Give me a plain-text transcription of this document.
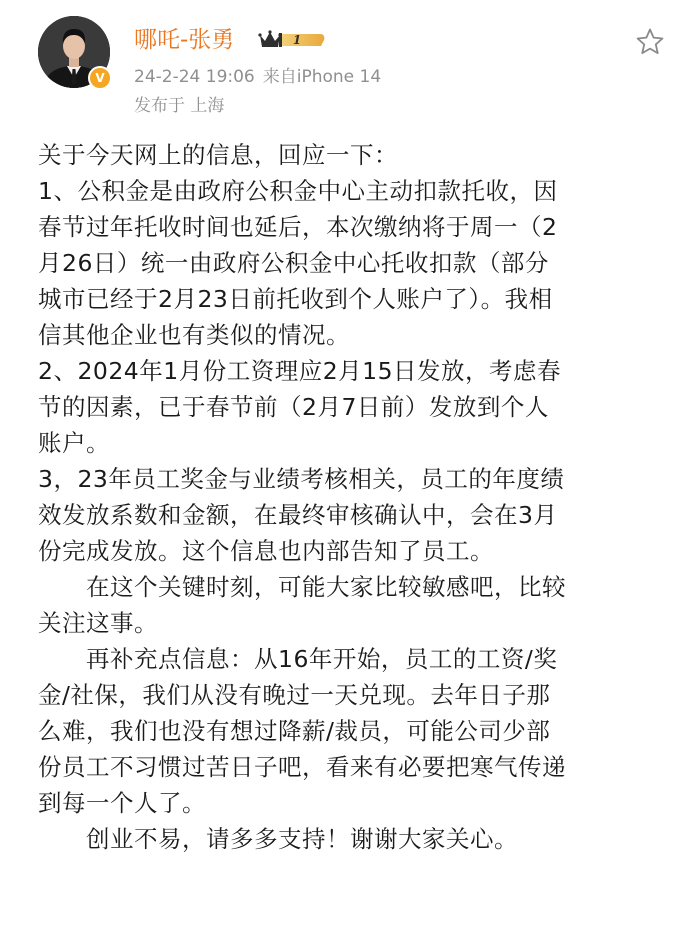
V
哪吒-张勇	1
24-2-24 19:06 来自iPhone 14
发布于 上海
关于今天网上的信息，回应一下：
1、公积金是由政府公积金中心主动扣款托收，因
春节过年托收时间也延后，本次缴纳将于周一（2
月26日）统一由政府公积金中心托收扣款（部分
城市已经于2月23日前托收到个人账户了）。我相
信其他企业也有类似的情况。
2、2024年1月份工资理应2月15日发放，考虑春
节的因素，已于春节前（2月7日前）发放到个人
账户。
3，23年员工奖金与业绩考核相关，员工的年度绩
效发放系数和金额，在最终审核确认中，会在3月
份完成发放。这个信息也内部告知了员工。
在这个关键时刻，可能大家比较敏感吧，比较
关注这事。
再补充点信息：从16年开始，员工的工资/奖
金/社保，我们从没有晚过一天兑现。去年日子那
么难，我们也没有想过降薪/裁员，可能公司少部
份员工不习惯过苦日子吧，看来有必要把寒气传递
到每一个人了。
创业不易，请多多支持！谢谢大家关心。
